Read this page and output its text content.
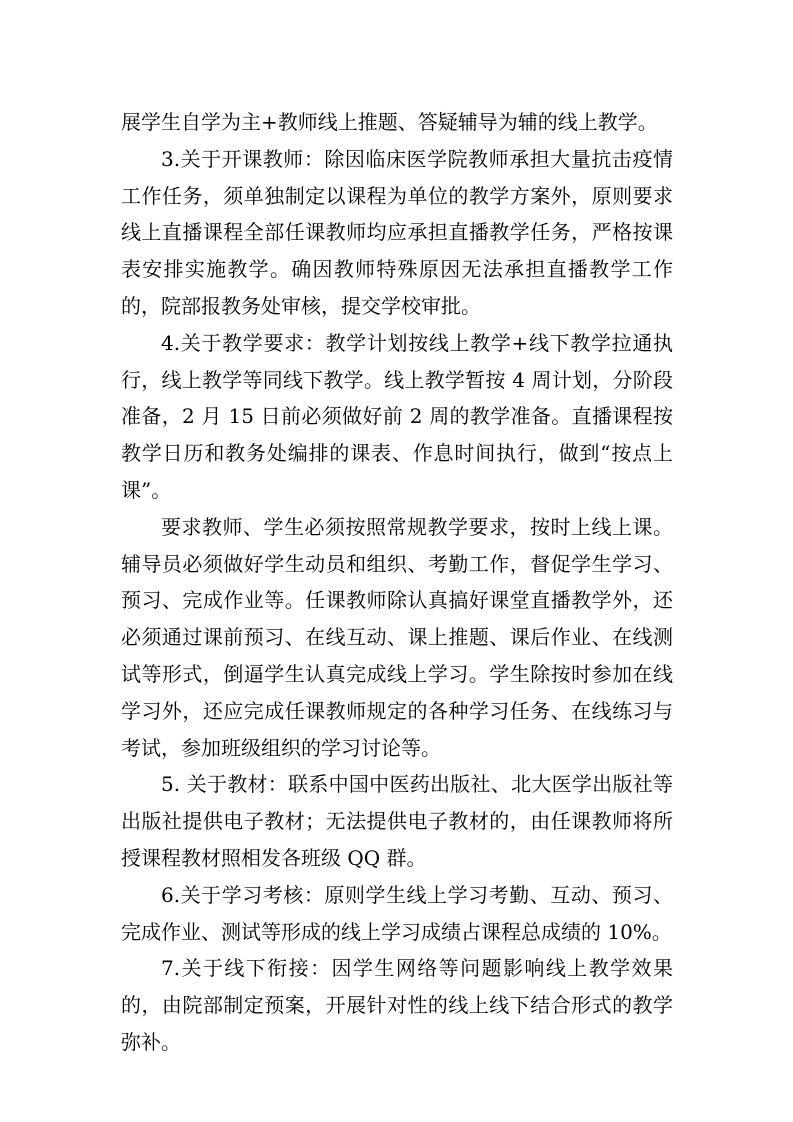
展学生自学为主+教师线上推题、答疑辅导为辅的线上教学。

3.关于开课教师：除因临床医学院教师承担大量抗击疫情工作任务，须单独制定以课程为单位的教学方案外，原则要求线上直播课程全部任课教师均应承担直播教学任务，严格按课表安排实施教学。确因教师特殊原因无法承担直播教学工作的，院部报教务处审核，提交学校审批。

4.关于教学要求：教学计划按线上教学+线下教学拉通执行，线上教学等同线下教学。线上教学暂按 4 周计划，分阶段准备，2 月 15 日前必须做好前 2 周的教学准备。直播课程按教学日历和教务处编排的课表、作息时间执行，做到“按点上课”。

要求教师、学生必须按照常规教学要求，按时上线上课。辅导员必须做好学生动员和组织、考勤工作，督促学生学习、预习、完成作业等。任课教师除认真搞好课堂直播教学外，还必须通过课前预习、在线互动、课上推题、课后作业、在线测试等形式，倒逼学生认真完成线上学习。学生除按时参加在线学习外，还应完成任课教师规定的各种学习任务、在线练习与考试，参加班级组织的学习讨论等。

5. 关于教材：联系中国中医药出版社、北大医学出版社等出版社提供电子教材；无法提供电子教材的，由任课教师将所授课程教材照相发各班级 QQ 群。

6.关于学习考核：原则学生线上学习考勤、互动、预习、完成作业、测试等形成的线上学习成绩占课程总成绩的 10%。

7.关于线下衔接：因学生网络等问题影响线上教学效果的，由院部制定预案，开展针对性的线上线下结合形式的教学弥补。
